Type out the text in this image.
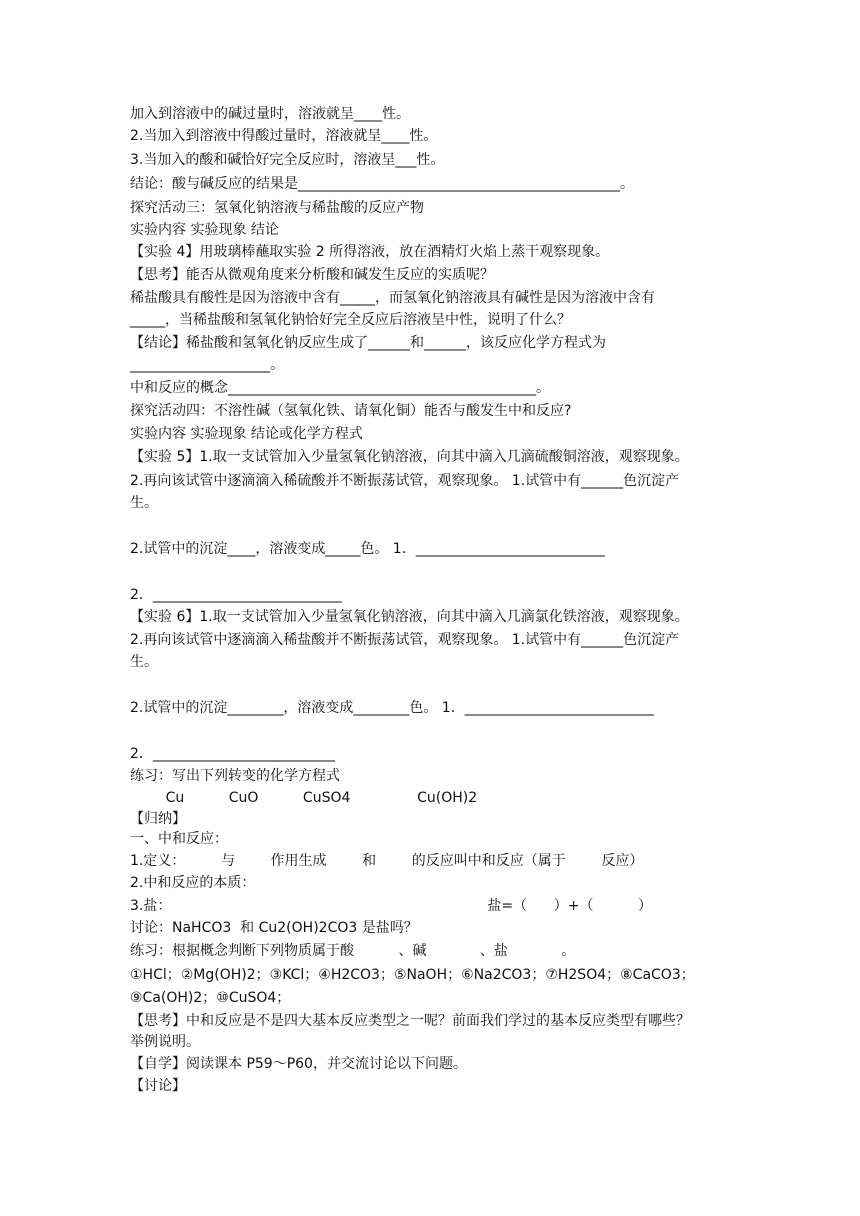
加入到溶液中的碱过量时，溶液就呈____性。
2.当加入到溶液中得酸过量时，溶液就呈____性。
3.当加入的酸和碱恰好完全反应时，溶液呈___性。
结论：酸与碱反应的结果是______________________________________________。
探究活动三：氢氧化钠溶液与稀盐酸的反应产物
实验内容 实验现象 结论
【实验 4】用玻璃棒蘸取实验 2 所得溶液，放在酒精灯火焰上蒸干观察现象。
【思考】能否从微观角度来分析酸和碱发生反应的实质呢？
稀盐酸具有酸性是因为溶液中含有_____，而氢氧化钠溶液具有碱性是因为溶液中含有
_____，当稀盐酸和氢氧化钠恰好完全反应后溶液呈中性，说明了什么？
【结论】稀盐酸和氢氧化钠反应生成了______和______，该反应化学方程式为
____________________。
中和反应的概念____________________________________________。
探究活动四：不溶性碱（氢氧化铁、请氧化铜）能否与酸发生中和反应?
实验内容 实验现象 结论或化学方程式
【实验 5】1.取一支试管加入少量氢氧化钠溶液，向其中滴入几滴硫酸铜溶液，观察现象。
2.再向该试管中逐滴滴入稀硫酸并不断振荡试管，观察现象。 1.试管中有______色沉淀产
生。
2.试管中的沉淀____，溶液变成_____色。 1．___________________________
2．___________________________
【实验 6】1.取一支试管加入少量氢氧化钠溶液，向其中滴入几滴氯化铁溶液，观察现象。
2.再向该试管中逐滴滴入稀盐酸并不断振荡试管，观察现象。 1.试管中有______色沉淀产
生。
2.试管中的沉淀________，溶液变成________色。 1．___________________________
2．__________________________
练习：写出下列转变的化学方程式
Cu          CuO          CuSO4               Cu(OH)2
【归纳】
一、中和反应：
1.定义：        与        作用生成        和        的反应叫中和反应（属于        反应）
2.中和反应的本质：
3.盐：                                                                       盐=（      ）+（          ）
讨论：NaHCO3  和 Cu2(OH)2CO3 是盐吗？
练习：根据概念判断下列物质属于酸          、碱            、盐            。
①HCl；②Mg(OH)2；③KCl；④H2CO3；⑤NaOH；⑥Na2CO3；⑦H2SO4；⑧CaCO3；
⑨Ca(OH)2；⑩CuSO4；
【思考】中和反应是不是四大基本反应类型之一呢？前面我们学过的基本反应类型有哪些？
举例说明。
【自学】阅读课本 P59～P60，并交流讨论以下问题。
【讨论】
